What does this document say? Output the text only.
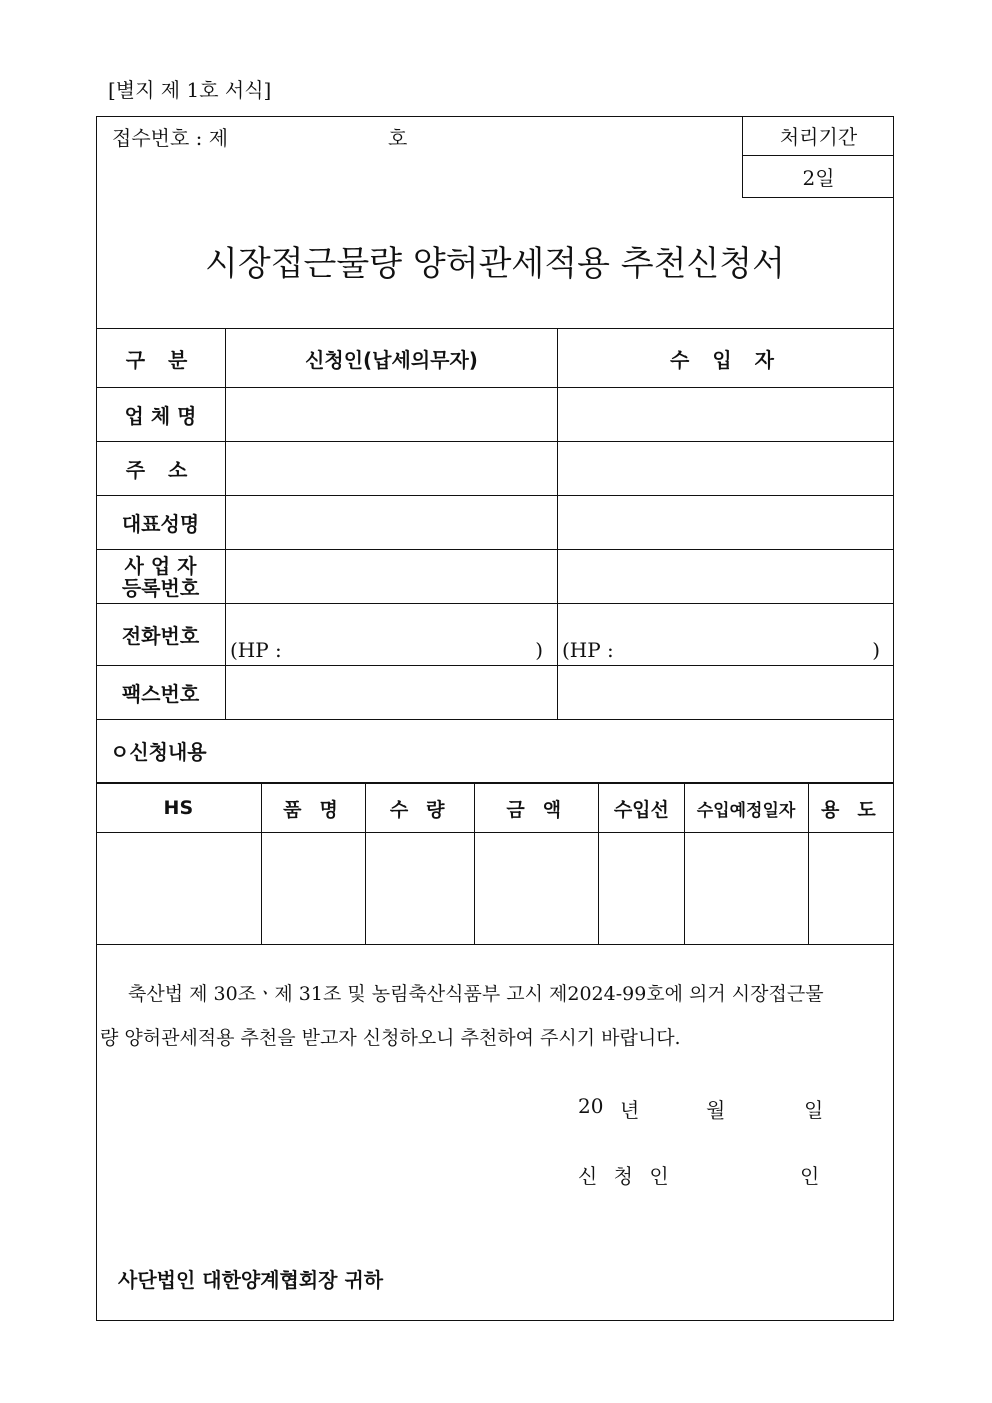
[별지 제 1호 서식]
접수번호 : 제	호	처리기간
2일
시장접근물량 양허관세적용 추천신청서
구 분	신청인(납세의무자)	수 입 자
업 체 명		
주 소		
대표성명		

사 업 자
등록번호		

전화번호	(HP : )	(HP : )

팩스번호		
ㅇ신청내용
HS	품 명	수 량	금 액	수입선	수입예정일자	용 도

축산법 제 30조ㆍ제 31조 및 농림축산식품부 고시 제2024-99호에 의거 시장접근물
량 양허관세적용 추천을 받고자 신청하오니 추천하여 주시기 바랍니다.
20 년	월	일
신 청 인	인
사단법인 대한양계협회장 귀하
